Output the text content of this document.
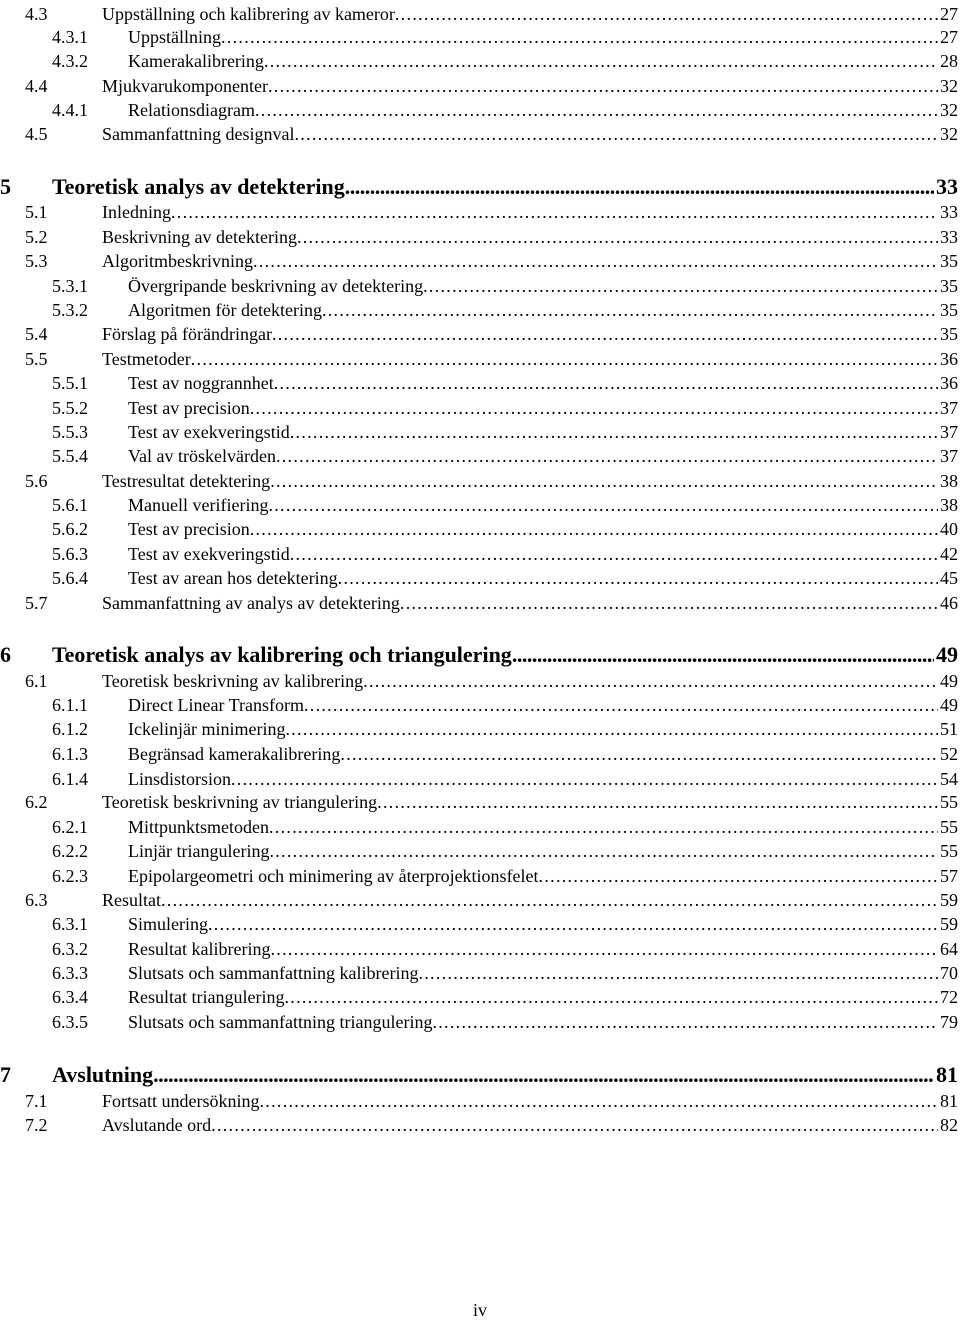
4.3	Uppställning och kalibrering av kameror . . .	27
4.3.1 Uppställning . . .	27
4.3.2 Kamerakalibrering . . .	28
4.4	Mjukvarukomponenter . . .	32
4.4.1 Relationsdiagram . . .	32
4.5	Sammanfattning designval . . .	32
5 Teoretisk analys av detektering . . .	33
5.1	Inledning . . .	33
5.2	Beskrivning av detektering . . .	33
5.3	Algoritmbeskrivning . . .	35
5.3.1 Övergripande beskrivning av detektering . . .	35
5.3.2 Algoritmen för detektering . . .	35
5.4	Förslag på förändringar . . .	35
5.5	Testmetoder . . .	36
5.5.1 Test av noggrannhet . . .	36
5.5.2 Test av precision . . .	37
5.5.3 Test av exekveringstid . . .	37
5.5.4 Val av tröskelvärden . . .	37
5.6	Testresultat detektering . . .	38
5.6.1 Manuell verifiering . . .	38
5.6.2 Test av precision . . .	40
5.6.3 Test av exekveringstid . . .	42
5.6.4 Test av arean hos detektering . . .	45
5.7	Sammanfattning av analys av detektering . . .	46
6 Teoretisk analys av kalibrering och triangulering . . .	49
6.1	Teoretisk beskrivning av kalibrering . . .	49
6.1.1 Direct Linear Transform . . .	49
6.1.2 Ickelinjär minimering . . .	51
6.1.3 Begränsad kamerakalibrering . . .	52
6.1.4 Linsdistorsion . . .	54
6.2	Teoretisk beskrivning av triangulering . . .	55
6.2.1 Mittpunktsmetoden . . .	55
6.2.2 Linjär triangulering . . .	55
6.2.3 Epipolargeometri och minimering av återprojektionsfelet . . .	57
6.3	Resultat . . .	59
6.3.1 Simulering . . .	59
6.3.2 Resultat kalibrering . . .	64
6.3.3 Slutsats och sammanfattning kalibrering . . .	70
6.3.4 Resultat triangulering . . .	72
6.3.5 Slutsats och sammanfattning triangulering . . .	79
7 Avslutning . . .	81
7.1	Fortsatt undersökning . . .	81
7.2	Avslutande ord . . .	82
iv
